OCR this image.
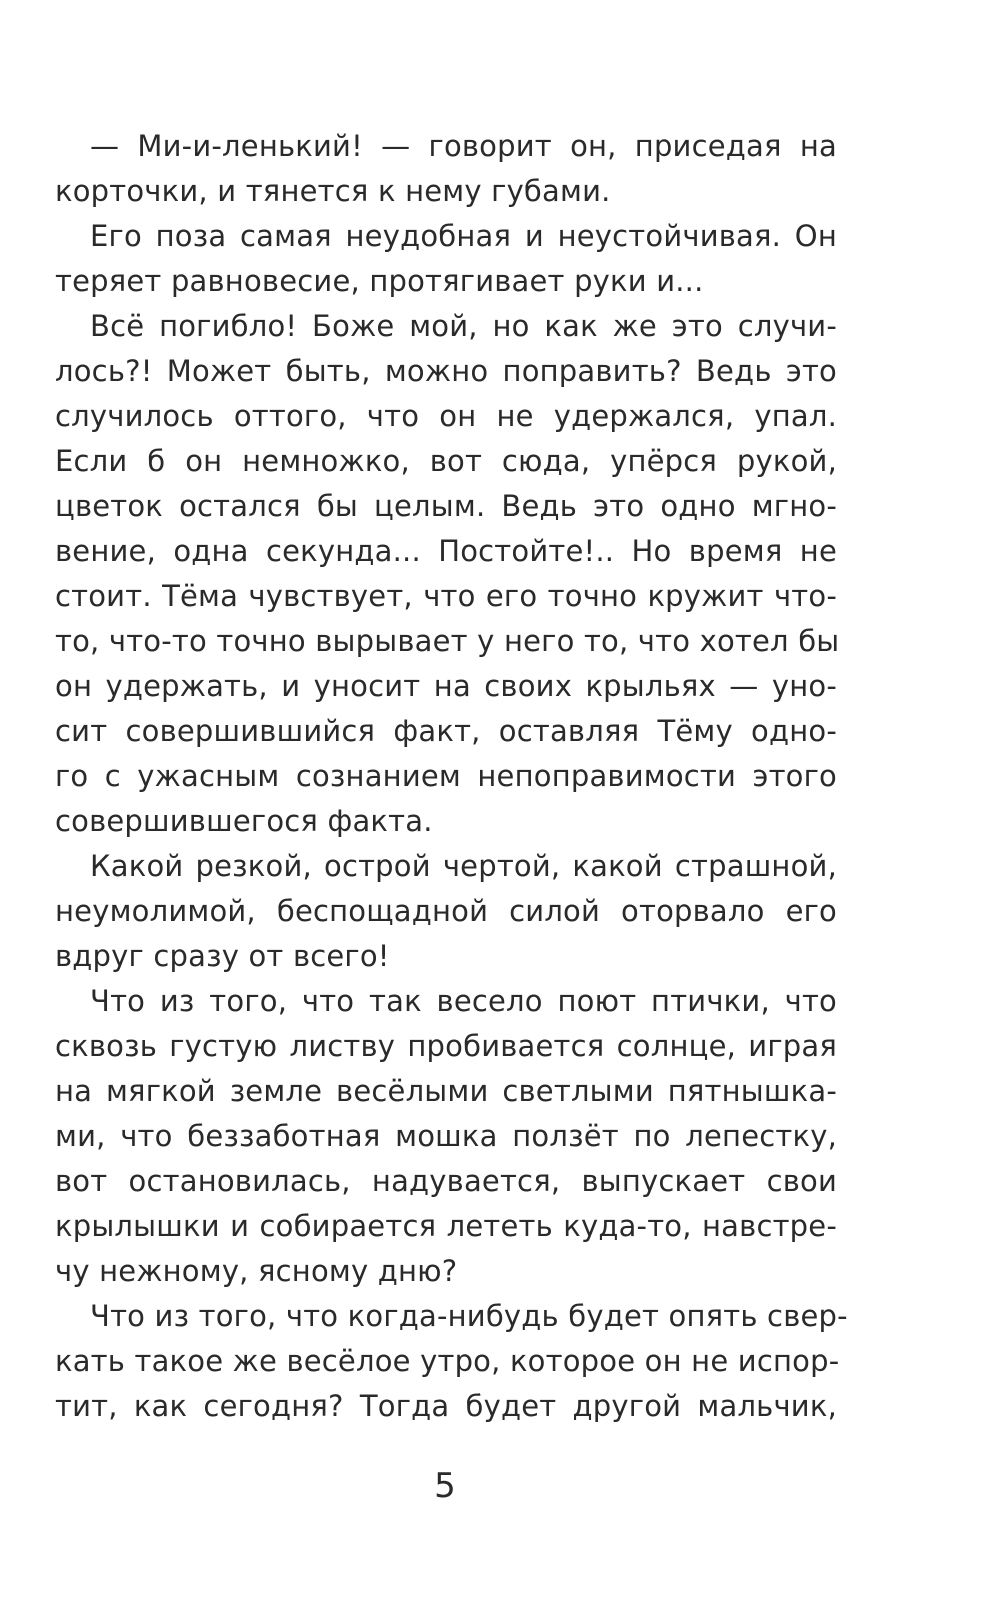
— Ми-и-ленький! — говорит он, приседая на
корточки, и тянется к нему губами.
Его поза самая неудобная и неустойчивая. Он
теряет равновесие, протягивает руки и...
Всё погибло! Боже мой, но как же это случи-
лось?! Может быть, можно поправить? Ведь это
случилось оттого, что он не удержался, упал.
Если б он немножко, вот сюда, упёрся рукой,
цветок остался бы целым. Ведь это одно мгно-
вение, одна секунда... Постойте!.. Но время не
стоит. Тёма чувствует, что его точно кружит что-
то, что-то точно вырывает у него то, что хотел бы
он удержать, и уносит на своих крыльях — уно-
сит совершившийся факт, оставляя Тёму одно-
го с ужасным сознанием непоправимости этого
совершившегося факта.
Какой резкой, острой чертой, какой страшной,
неумолимой, беспощадной силой оторвало его
вдруг сразу от всего!
Что из того, что так весело поют птички, что
сквозь густую листву пробивается солнце, играя
на мягкой земле весёлыми светлыми пятнышка-
ми, что беззаботная мошка ползёт по лепестку,
вот остановилась, надувается, выпускает свои
крылышки и собирается лететь куда-то, навстре-
чу нежному, ясному дню?
Что из того, что когда-нибудь будет опять свер-
кать такое же весёлое утро, которое он не испор-
тит, как сегодня? Тогда будет другой мальчик,
5
